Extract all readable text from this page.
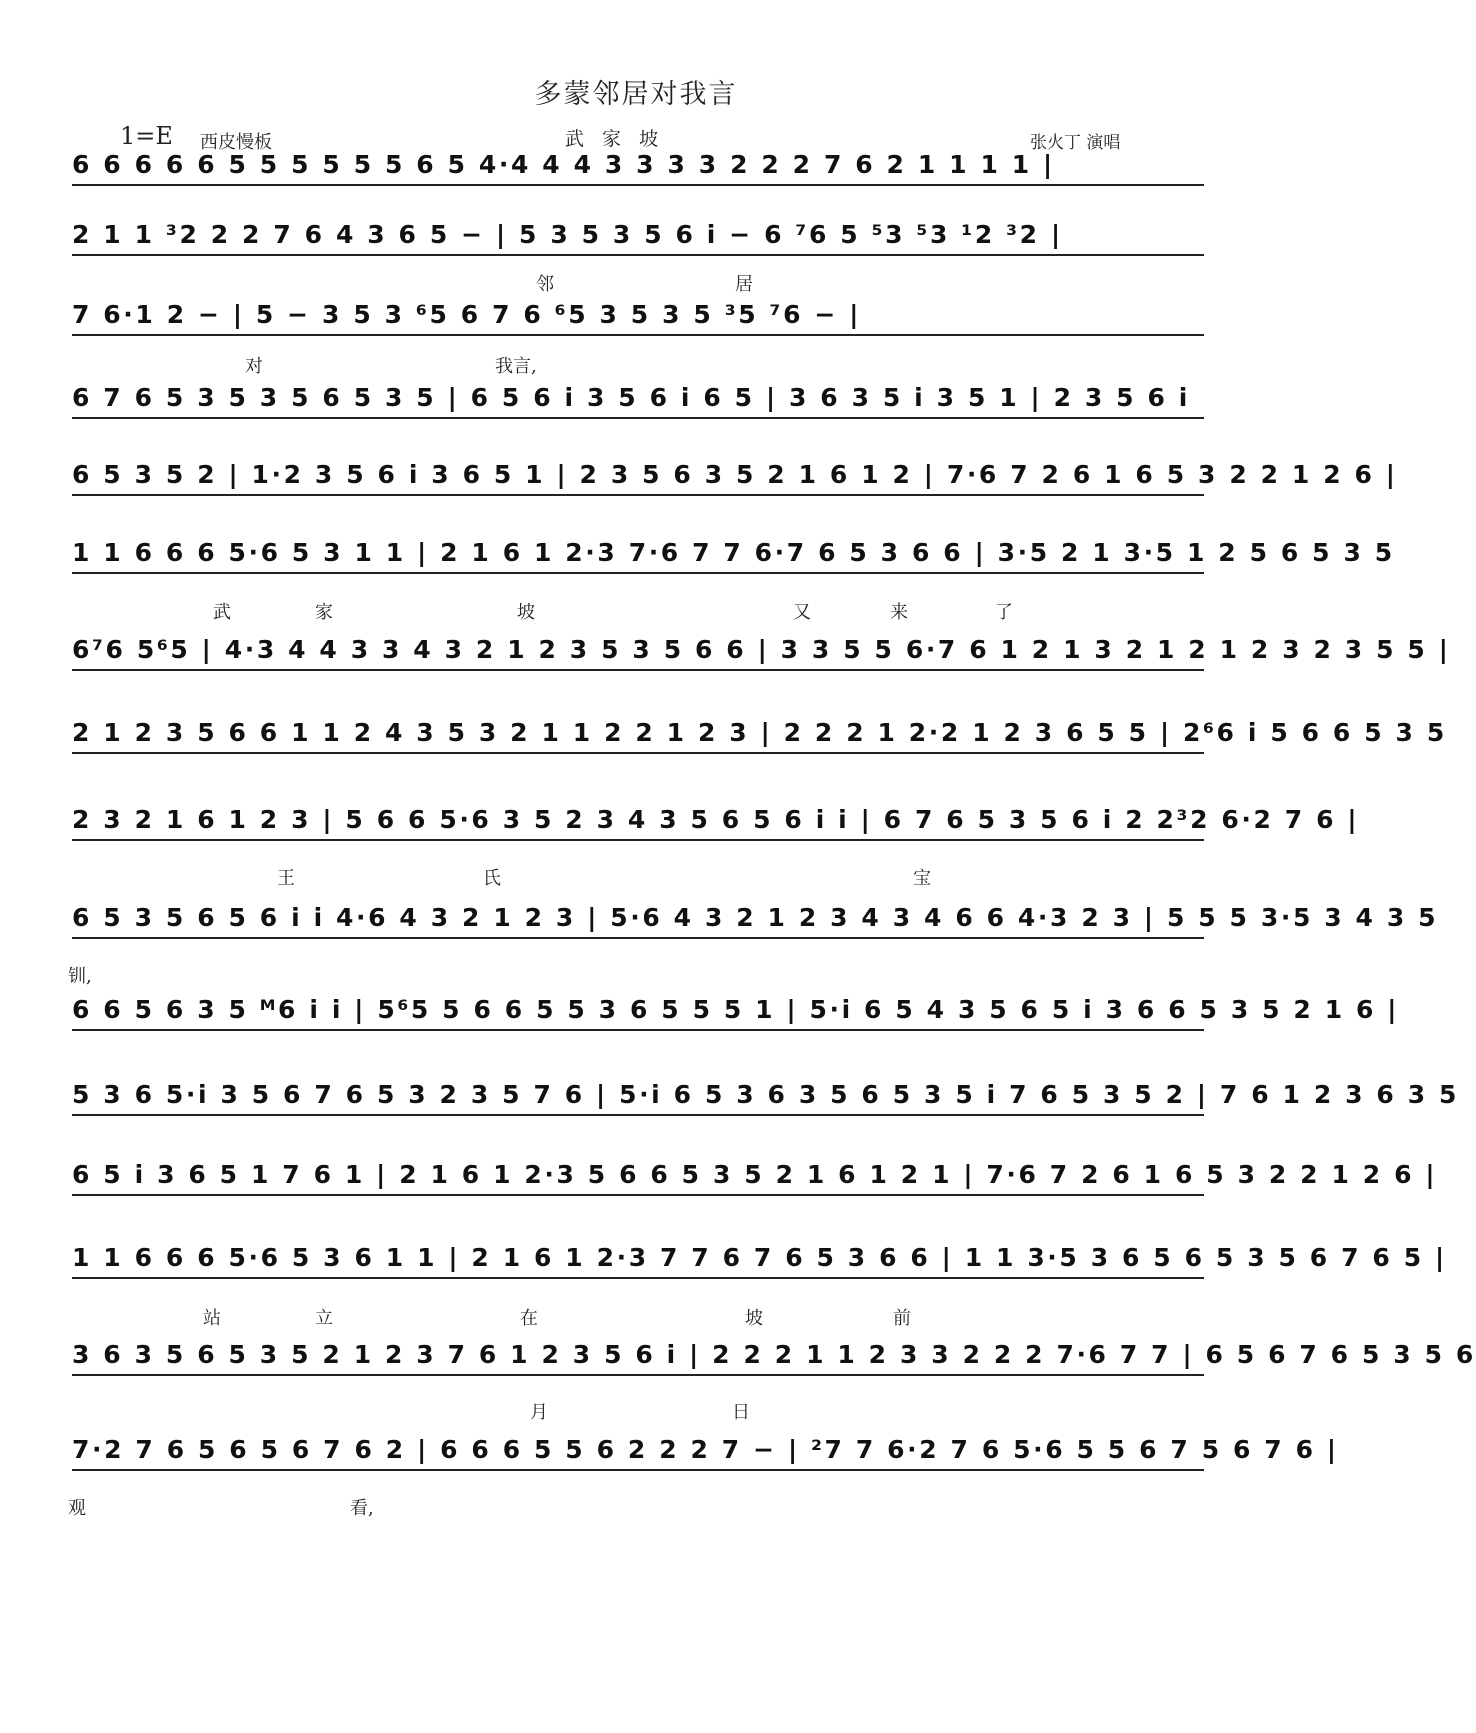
多蒙邻居对我言
1=E 西皮慢板	武 家 坡	张火丁 演唱
6 6 6 6 6 5 5 5 5 5 5 6 5 4·4 4 4 3 3 3 3 2 2 2 7 6 2 1 1 1 1 |
2 1 1 ³2 2 2 7 6 4 3 6 5 − | 5 3 5 3 5 6 i − 6 ⁷6 5 ⁵3 ⁵3 ¹2 ³2 |
邻	居
7 6·1 2 − | 5 − 3 5 3 ⁶5 6 7 6 ⁶5 3 5 3 5 ³5 ⁷6 − |
对	我言,
6 7 6 5 3 5 3 5 6 5 3 5 | 6 5 6 i 3 5 6 i 6 5 | 3 6 3 5 i 3 5 1 | 2 3 5 6 i
6 5 3 5 2 | 1·2 3 5 6 i 3 6 5 1 | 2 3 5 6 3 5 2 1 6 1 2 | 7·6 7 2 6 1 6 5 3 2 2 1 2 6 |
1 1 6 6 6 5·6 5 3 1 1 | 2 1 6 1 2·3 7·6 7 7 6·7 6 5 3 6 6 | 3·5 2 1 3·5 1 2 5 6 5 3 5
武	家	坡	又	来	了
6⁷6 5⁶5 | 4·3 4 4 3 3 4 3 2 1 2 3 5 3 5 6 6 | 3 3 5 5 6·7 6 1 2 1 3 2 1 2 1 2 3 2 3 5 5 |
2 1 2 3 5 6 6 1 1 2 4 3 5 3 2 1 1 2 2 1 2 3 | 2 2 2 1 2·2 1 2 3 6 5 5 | 2⁶6 i 5 6 6 5 3 5
2 3 2 1 6 1 2 3 | 5 6 6 5·6 3 5 2 3 4 3 5 6 5 6 i i | 6 7 6 5 3 5 6 i 2 2³2 6·2 7 6 |
王	氏	宝
6 5 3 5 6 5 6 i i 4·6 4 3 2 1 2 3 | 5·6 4 3 2 1 2 3 4 3 4 6 6 4·3 2 3 | 5 5 5 3·5 3 4 3 5
钏,
6 6 5 6 3 5 ᴹ6 i i | 5⁶5 5 6 6 5 5 3 6 5 5 5 1 | 5·i 6 5 4 3 5 6 5 i 3 6 6 5 3 5 2 1 6 |
5 3 6 5·i 3 5 6 7 6 5 3 2 3 5 7 6 | 5·i 6 5 3 6 3 5 6 5 3 5 i 7 6 5 3 5 2 | 7 6 1 2 3 6 3 5
6 5 i 3 6 5 1 7 6 1 | 2 1 6 1 2·3 5 6 6 5 3 5 2 1 6 1 2 1 | 7·6 7 2 6 1 6 5 3 2 2 1 2 6 |
1 1 6 6 6 5·6 5 3 6 1 1 | 2 1 6 1 2·3 7 7 6 7 6 5 3 6 6 | 1 1 3·5 3 6 5 6 5 3 5 6 7 6 5 |
站	立	在	坡	前
3 6 3 5 6 5 3 5 2 1 2 3 7 6 1 2 3 5 6 i | 2 2 2 1 1 2 3 3 2 2 2 7·6 7 7 | 6 5 6 7 6 5 3 5 6
月	日
7·2 7 6 5 6 5 6 7 6 2 | 6 6 6 5 5 6 2 2 2 7 − | ²7 7 6·2 7 6 5·6 5 5 6 7 5 6 7 6 |
观	看,
